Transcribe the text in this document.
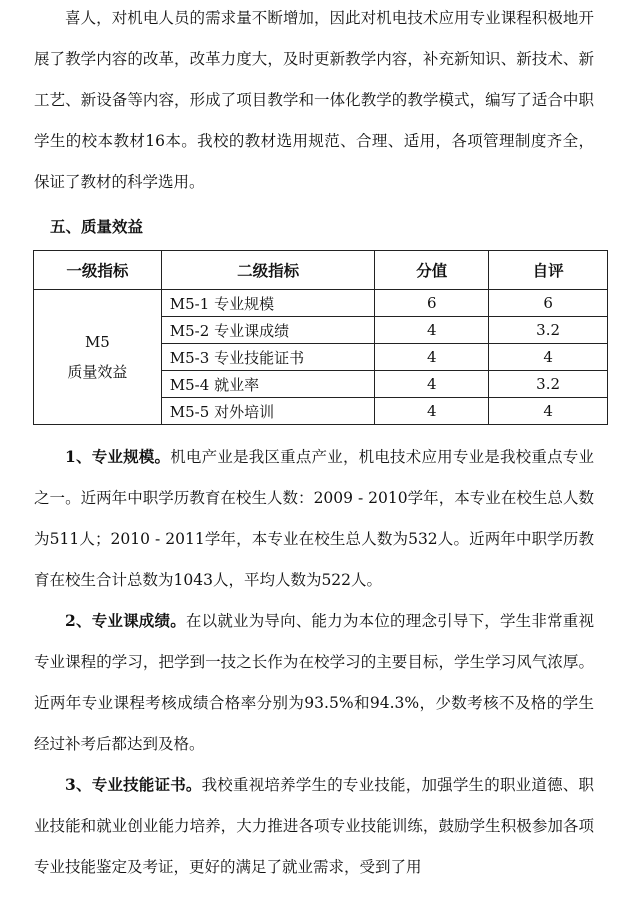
喜人，对机电人员的需求量不断增加，因此对机电技术应用专业课程积极地开展了教学内容的改革，改革力度大，及时更新教学内容，补充新知识、新技术、新工艺、新设备等内容，形成了项目教学和一体化教学的教学模式，编写了适合中职学生的校本教材16本。我校的教材选用规范、合理、适用，各项管理制度齐全，保证了教材的科学选用。

五、质量效益

一级指标	二级指标	分值	自评

M5
质量效益	M5-1 专业规模	6	6
	M5-2 专业课成绩	4	3.2
	M5-3 专业技能证书	4	4
	M5-4 就业率	4	3.2
	M5-5 对外培训	4	4

1、专业规模。机电产业是我区重点产业，机电技术应用专业是我校重点专业之一。近两年中职学历教育在校生人数：2009 - 2010学年，本专业在校生总人数为511人；2010 - 2011学年，本专业在校生总人数为532人。近两年中职学历教育在校生合计总数为1043人，平均人数为522人。

2、专业课成绩。在以就业为导向、能力为本位的理念引导下，学生非常重视专业课程的学习，把学到一技之长作为在校学习的主要目标，学生学习风气浓厚。近两年专业课程考核成绩合格率分别为93.5%和94.3%，少数考核不及格的学生经过补考后都达到及格。

3、专业技能证书。我校重视培养学生的专业技能，加强学生的职业道德、职业技能和就业创业能力培养，大力推进各项专业技能训练，鼓励学生积极参加各项专业技能鉴定及考证，更好的满足了就业需求，受到了用
